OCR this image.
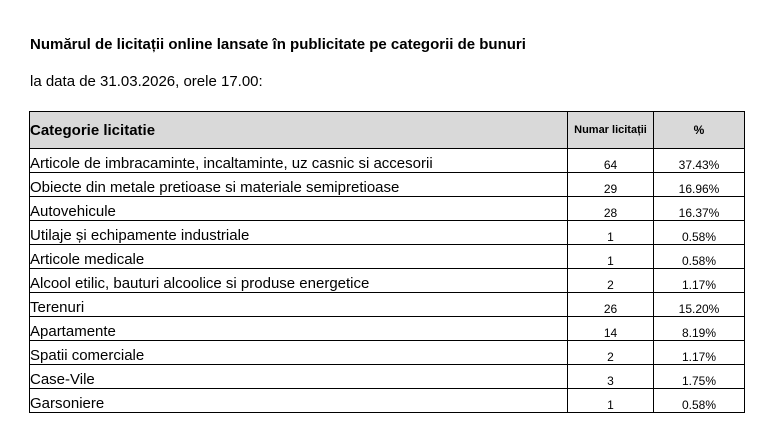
Numărul de licitații online lansate în publicitate pe categorii de bunuri
la data de 31.03.2026, orele 17.00:
Categorie licitatie	Numar licitații	%
Articole de imbracaminte, incaltaminte, uz casnic si accesorii	64	37.43%
Obiecte din metale pretioase si materiale semipretioase	29	16.96%
Autovehicule	28	16.37%
Utilaje și echipamente industriale	1	0.58%
Articole medicale	1	0.58%
Alcool etilic, bauturi alcoolice si produse energetice	2	1.17%
Terenuri	26	15.20%
Apartamente	14	8.19%
Spatii comerciale	2	1.17%
Case-Vile	3	1.75%
Garsoniere	1	0.58%
